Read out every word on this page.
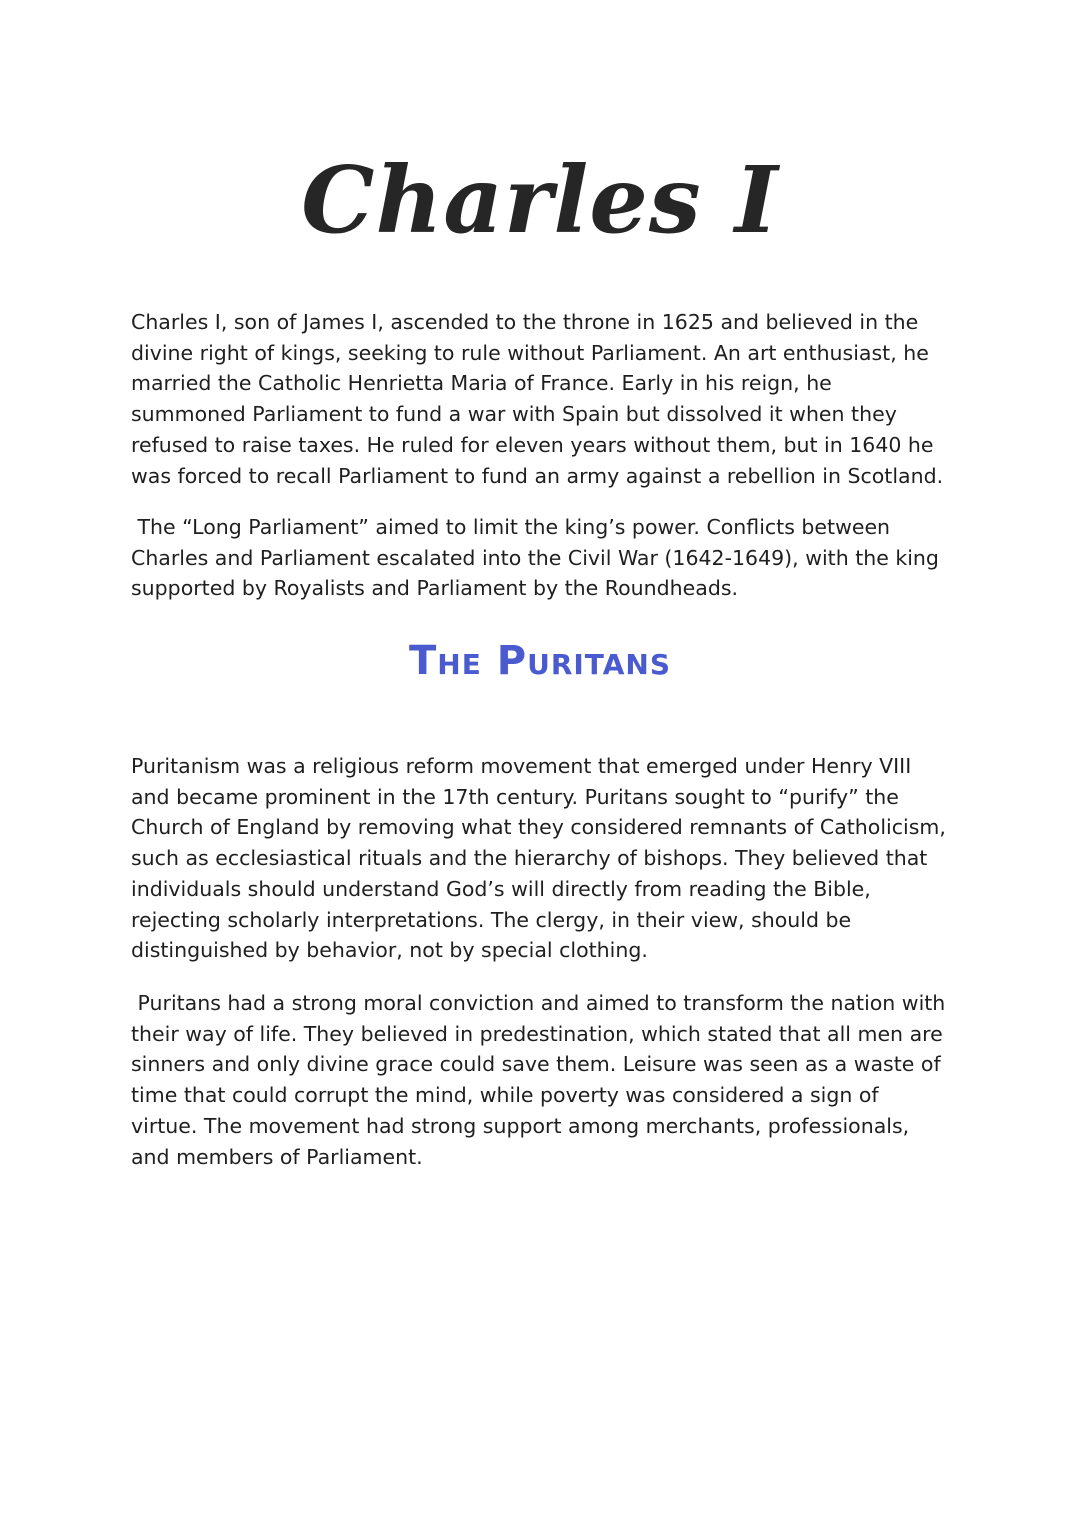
Charles I

Charles I, son of James I, ascended to the throne in 1625 and believed in the divine right of kings, seeking to rule without Parliament. An art enthusiast, he married the Catholic Henrietta Maria of France. Early in his reign, he summoned Parliament to fund a war with Spain but dissolved it when they refused to raise taxes. He ruled for eleven years without them, but in 1640 he was forced to recall Parliament to fund an army against a rebellion in Scotland.

The “Long Parliament” aimed to limit the king’s power. Conflicts between Charles and Parliament escalated into the Civil War (1642-1649), with the king supported by Royalists and Parliament by the Roundheads.

The Puritans

Puritanism was a religious reform movement that emerged under Henry VIII and became prominent in the 17th century. Puritans sought to “purify” the Church of England by removing what they considered remnants of Catholicism, such as ecclesiastical rituals and the hierarchy of bishops. They believed that individuals should understand God’s will directly from reading the Bible, rejecting scholarly interpretations. The clergy, in their view, should be distinguished by behavior, not by special clothing.

Puritans had a strong moral conviction and aimed to transform the nation with their way of life. They believed in predestination, which stated that all men are sinners and only divine grace could save them. Leisure was seen as a waste of time that could corrupt the mind, while poverty was considered a sign of virtue. The movement had strong support among merchants, professionals, and members of Parliament.
